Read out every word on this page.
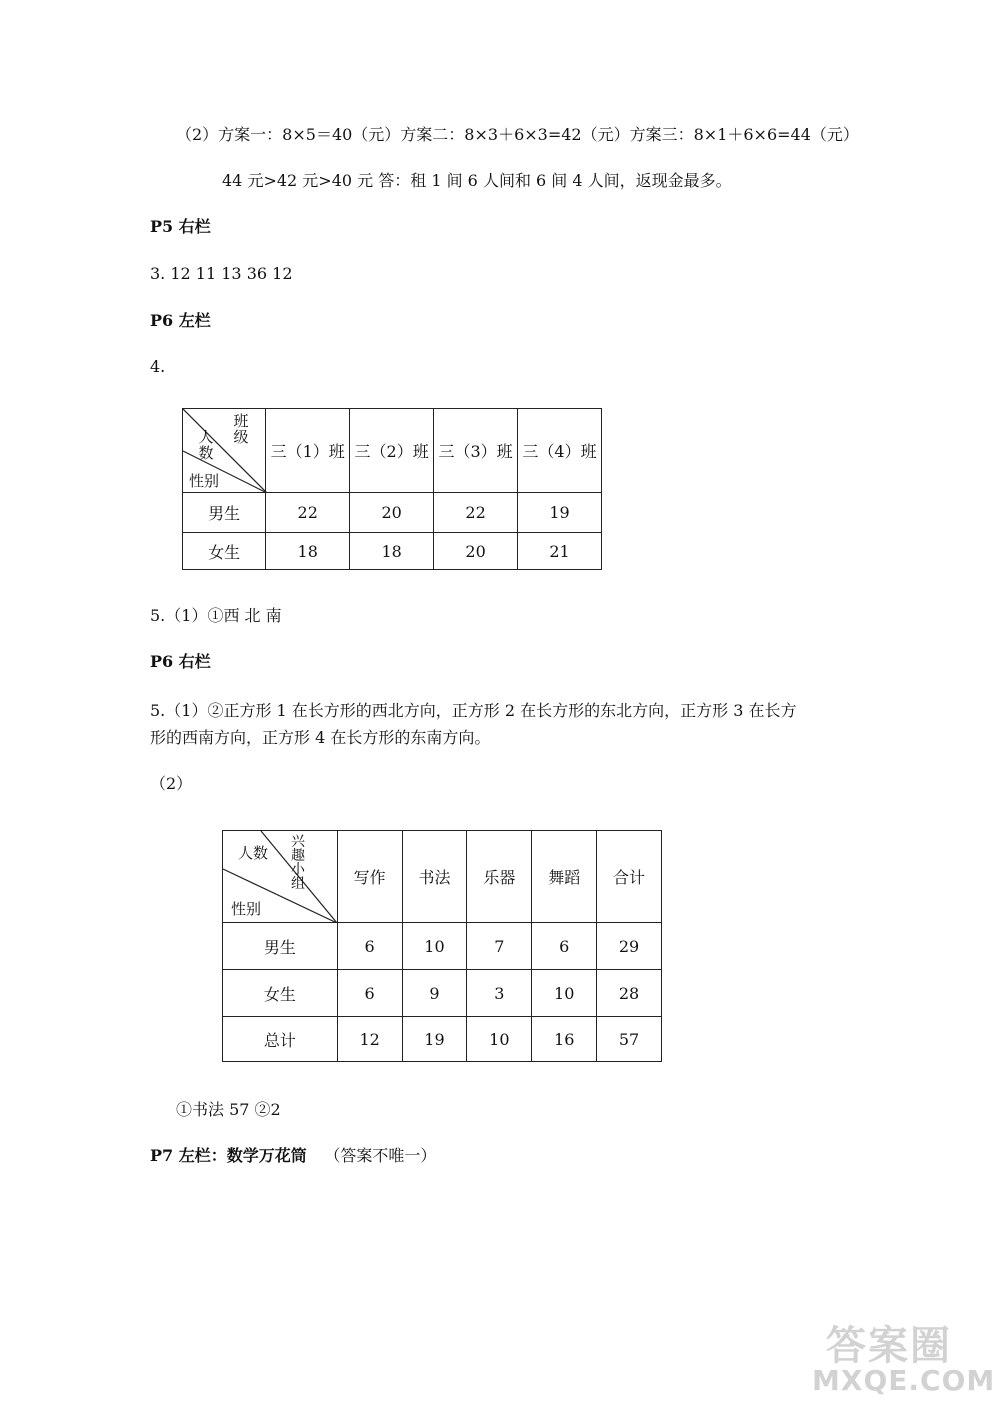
（2）方案一：8×5＝40（元）方案二：8×3＋6×3=42（元）方案三：8×1＋6×6=44（元）
44 元>42 元>40 元 答：租 1 间 6 人间和 6 间 4 人间，返现金最多。
P5 右栏
3. 12 11 13 36 12
P6 左栏
4.
班级
人数
性别	三（1）班	三（2）班	三（3）班	三（4）班
男生	22	20	22	19
女生	18	18	20	21
5.（1）①西 北 南
P6 右栏
5.（1）②正方形 1 在长方形的西北方向，正方形 2 在长方形的东北方向，正方形 3 在长方
形的西南方向，正方形 4 在长方形的东南方向。
（2）
兴趣小组
人数
性别	写作	书法	乐器	舞蹈	合计
男生	6	10	7	6	29
女生	6	9	3	10	28
总计	12	19	10	16	57
①书法 57 ②2
P7 左栏：数学万花筒 （答案不唯一）
答案圈
MXQE.COM
